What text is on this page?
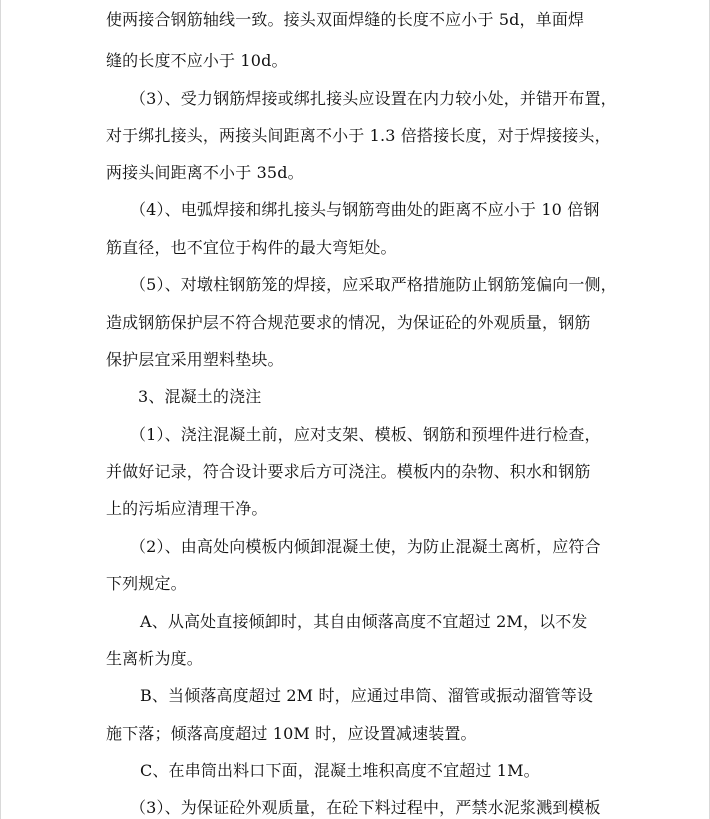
使两接合钢筋轴线一致。接头双面焊缝的长度不应小于 5d，单面焊
缝的长度不应小于 10d。
（3）、受力钢筋焊接或绑扎接头应设置在内力较小处，并错开布置，
对于绑扎接头，两接头间距离不小于 1.3 倍搭接长度，对于焊接接头，
两接头间距离不小于 35d。
（4）、电弧焊接和绑扎接头与钢筋弯曲处的距离不应小于 10 倍钢
筋直径，也不宜位于构件的最大弯矩处。
（5）、对墩柱钢筋笼的焊接，应采取严格措施防止钢筋笼偏向一侧，
造成钢筋保护层不符合规范要求的情况，为保证砼的外观质量，钢筋
保护层宜采用塑料垫块。
3、混凝土的浇注
（1）、浇注混凝土前，应对支架、模板、钢筋和预埋件进行检查，
并做好记录，符合设计要求后方可浇注。模板内的杂物、积水和钢筋
上的污垢应清理干净。
（2）、由高处向模板内倾卸混凝土使，为防止混凝土离析，应符合
下列规定。
A、从高处直接倾卸时，其自由倾落高度不宜超过 2M，以不发
生离析为度。
B、当倾落高度超过 2M 时，应通过串筒、溜管或振动溜管等设
施下落；倾落高度超过 10M 时，应设置减速装置。
C、在串筒出料口下面，混凝土堆积高度不宜超过 1M。
（3）、为保证砼外观质量，在砼下料过程中，严禁水泥浆溅到模板
